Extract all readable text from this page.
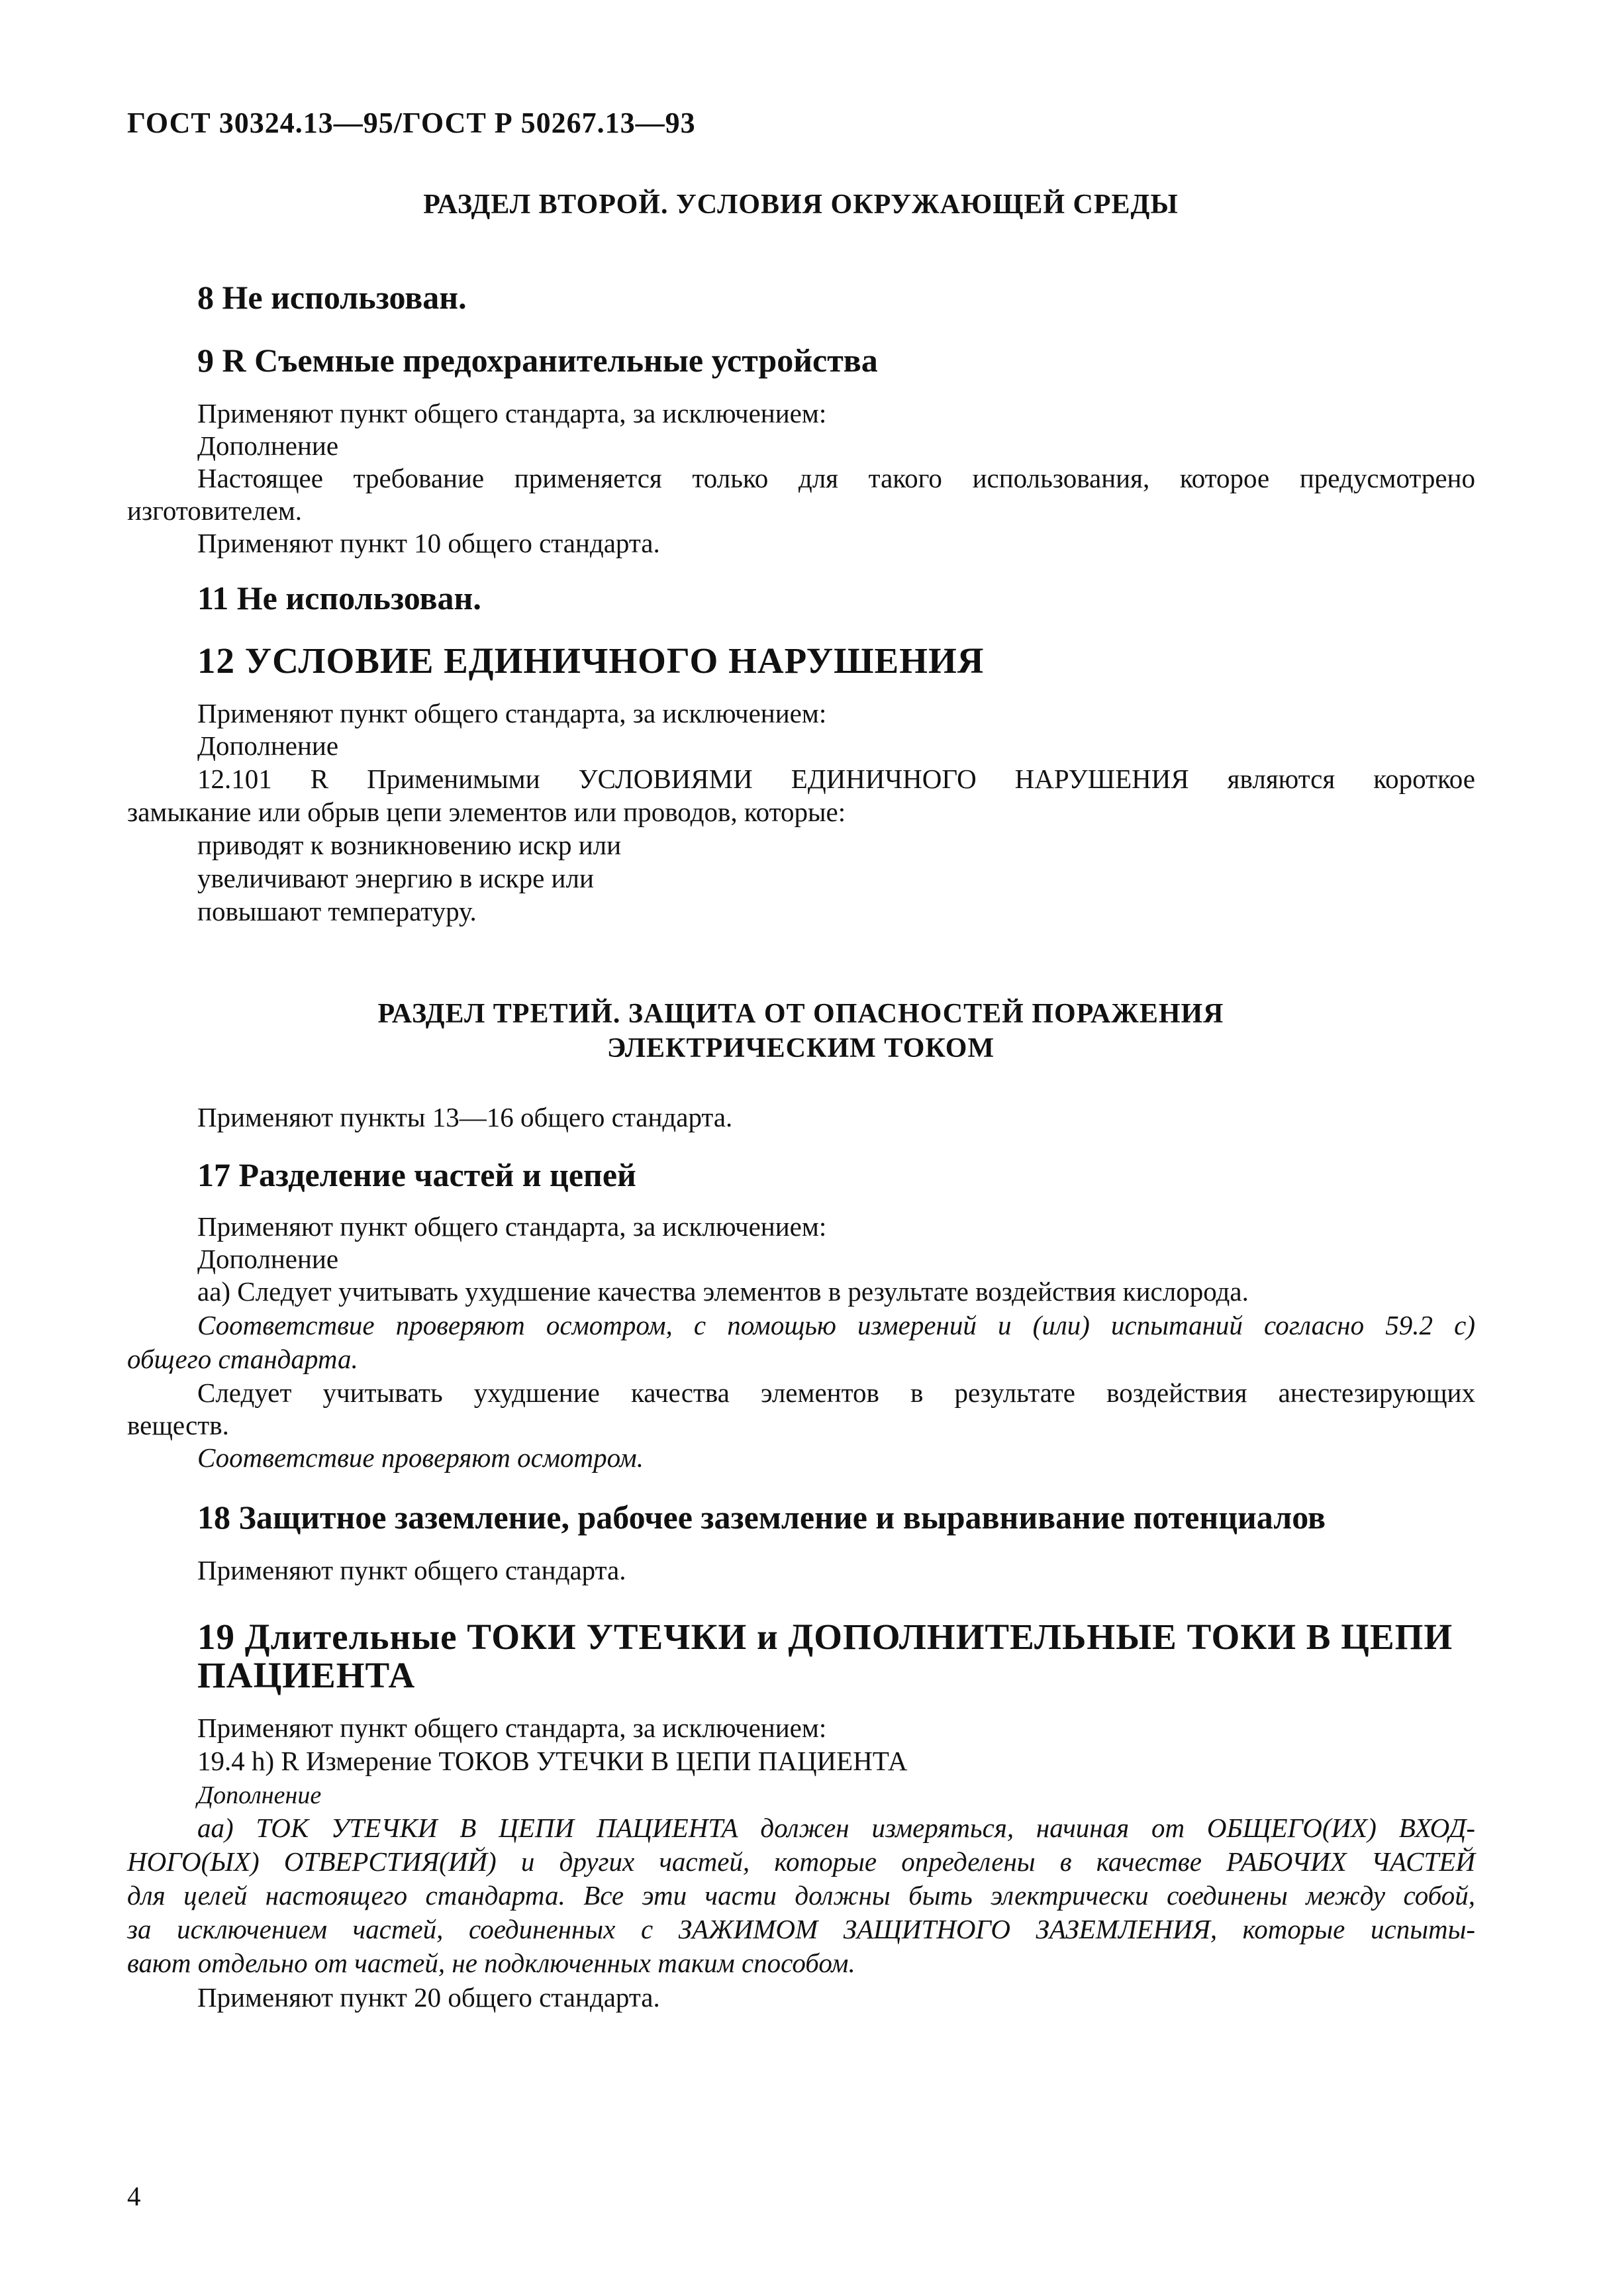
ГОСТ 30324.13—95/ГОСТ Р 50267.13—93
РАЗДЕЛ ВТОРОЙ. УСЛОВИЯ ОКРУЖАЮЩЕЙ СРЕДЫ
8 Не использован.
9 R Съемные предохранительные устройства
Применяют пункт общего стандарта, за исключением:
Дополнение
Настоящее требование применяется только для такого использования, которое предусмотрено
изготовителем.
Применяют пункт 10 общего стандарта.
11 Не использован.
12 УСЛОВИЕ ЕДИНИЧНОГО НАРУШЕНИЯ
Применяют пункт общего стандарта, за исключением:
Дополнение
12.101 R Применимыми УСЛОВИЯМИ ЕДИНИЧНОГО НАРУШЕНИЯ являются короткое
замыкание или обрыв цепи элементов или проводов, которые:
приводят к возникновению искр или
увеличивают энергию в искре или
повышают температуру.
РАЗДЕЛ ТРЕТИЙ. ЗАЩИТА ОТ ОПАСНОСТЕЙ ПОРАЖЕНИЯ
ЭЛЕКТРИЧЕСКИМ ТОКОМ
Применяют пункты 13—16 общего стандарта.
17 Разделение частей и цепей
Применяют пункт общего стандарта, за исключением:
Дополнение
аа) Следует учитывать ухудшение качества элементов в результате воздействия кислорода.
Соответствие проверяют осмотром, с помощью измерений и (или) испытаний согласно 59.2 с)
общего стандарта.
Следует учитывать ухудшение качества элементов в результате воздействия анестезирующих
веществ.
Соответствие проверяют осмотром.
18 Защитное заземление, рабочее заземление и выравнивание потенциалов
Применяют пункт общего стандарта.
19 Длительные ТОКИ УТЕЧКИ и ДОПОЛНИТЕЛЬНЫЕ ТОКИ В ЦЕПИ
ПАЦИЕНТА
Применяют пункт общего стандарта, за исключением:
19.4 h) R Измерение ТОКОВ УТЕЧКИ В ЦЕПИ ПАЦИЕНТА
Дополнение
аа) ТОК УТЕЧКИ В ЦЕПИ ПАЦИЕНТА должен измеряться, начиная от ОБЩЕГО(ИХ) ВХОД-
НОГО(ЫХ) ОТВЕРСТИЯ(ИЙ) и других частей, которые определены в качестве РАБОЧИХ ЧАСТЕЙ
для целей настоящего стандарта. Все эти части должны быть электрически соединены между собой,
за исключением частей, соединенных с ЗАЖИМОМ ЗАЩИТНОГО ЗАЗЕМЛЕНИЯ, которые испыты-
вают отдельно от частей, не подключенных таким способом.
Применяют пункт 20 общего стандарта.
4
